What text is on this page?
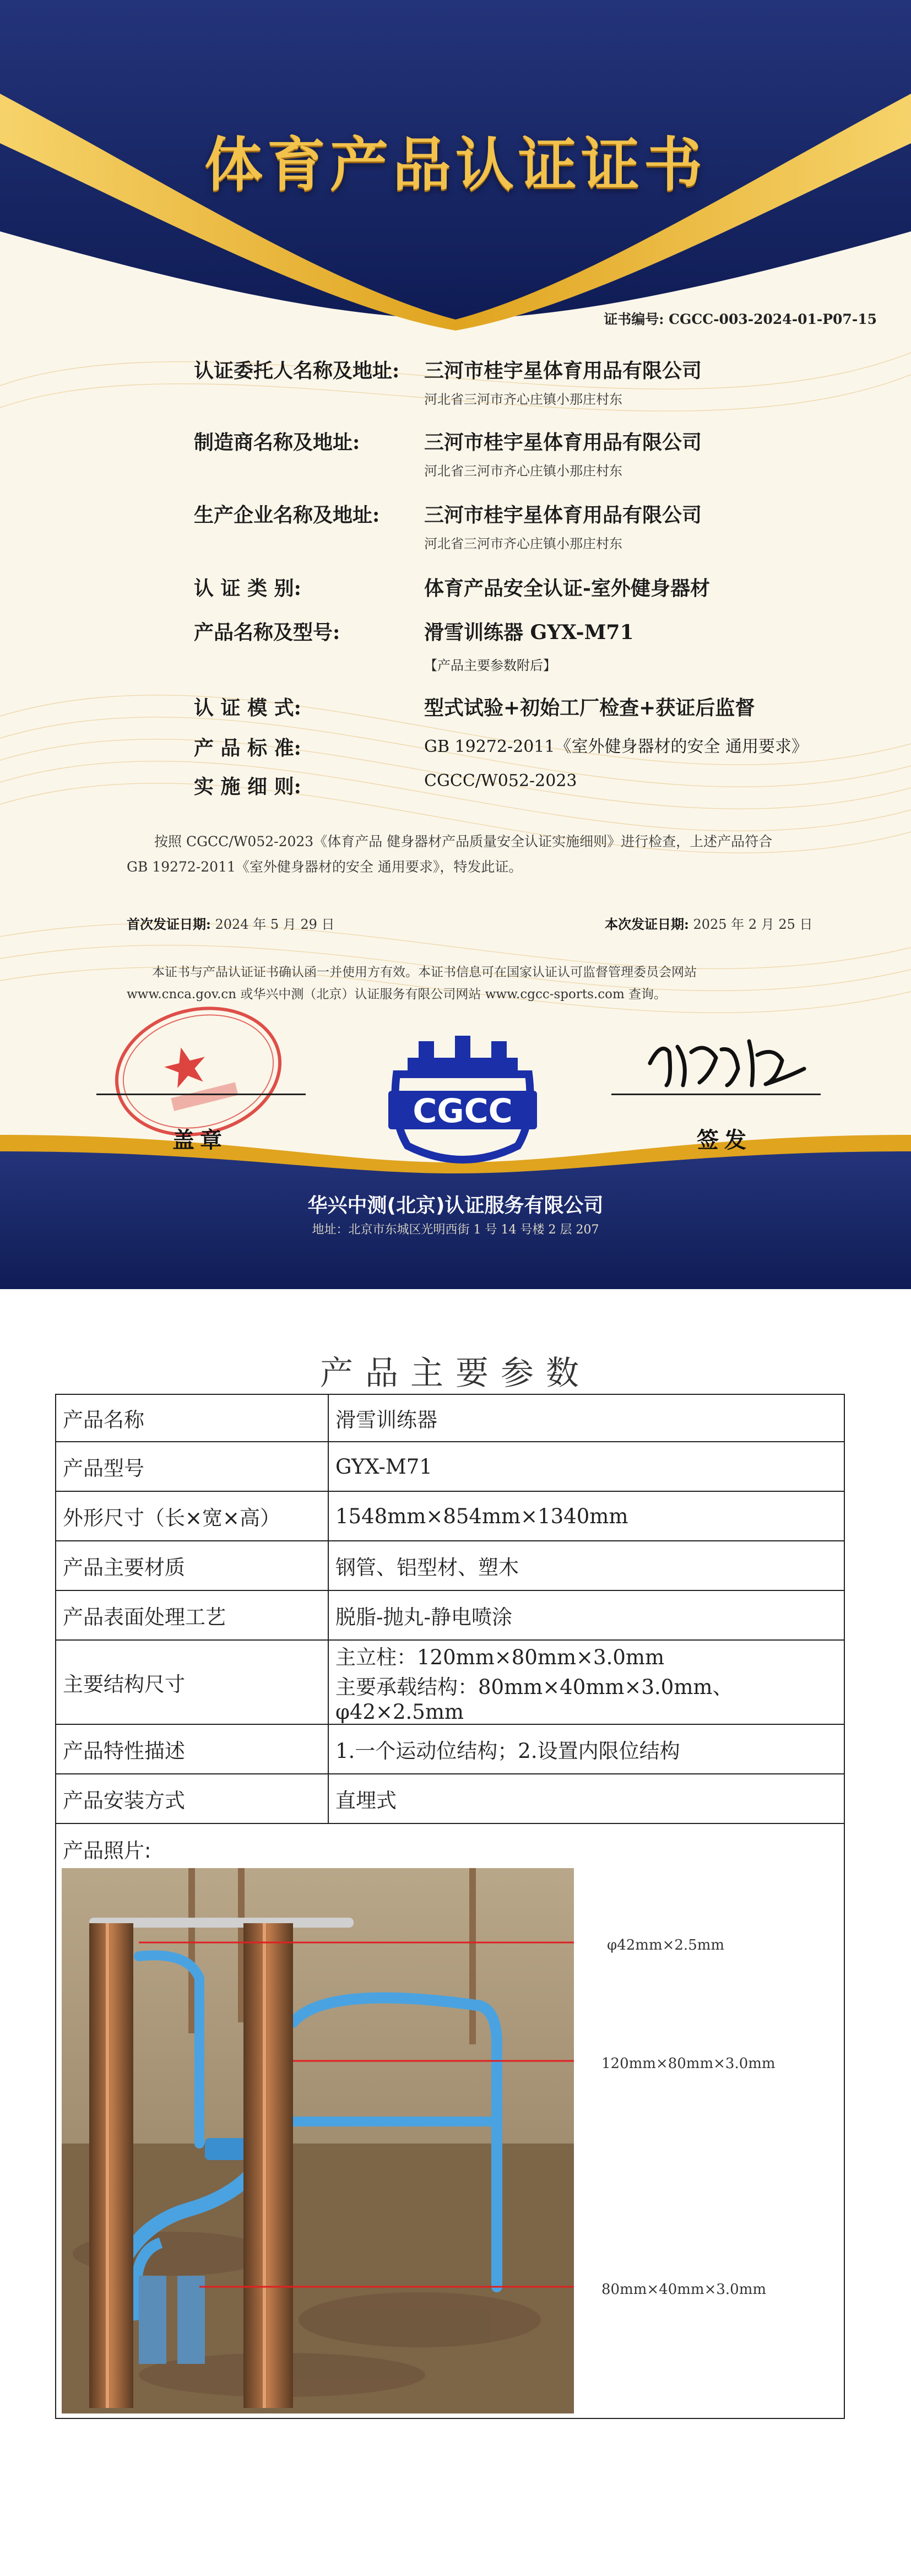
体育产品认证证书
证书编号: CGCC-003-2024-01-P07-15
认证委托人名称及地址:	三河市桂宇星体育用品有限公司
河北省三河市齐心庄镇小那庄村东
制造商名称及地址:	三河市桂宇星体育用品有限公司
河北省三河市齐心庄镇小那庄村东
生产企业名称及地址:	三河市桂宇星体育用品有限公司
河北省三河市齐心庄镇小那庄村东
认 证 类 别:	体育产品安全认证-室外健身器材
产品名称及型号:	滑雪训练器 GYX-M71
【产品主要参数附后】
认 证 模 式:	型式试验+初始工厂检查+获证后监督
产 品 标 准:	GB 19272-2011《室外健身器材的安全 通用要求》
实 施 细 则:	CGCC/W052-2023
按照 CGCC/W052-2023《体育产品 健身器材产品质量安全认证实施细则》进行检查，上述产品符合 GB 19272-2011《室外健身器材的安全 通用要求》，特发此证。
首次发证日期: 2024 年 5 月 29 日	本次发证日期: 2025 年 2 月 25 日
本证书与产品认证证书确认函一并使用方有效。本证书信息可在国家认证认可监督管理委员会网站 www.cnca.gov.cn 或华兴中测（北京）认证服务有限公司网站 www.cgcc-sports.com 查询。
盖章
CGCC
签发
华兴中测(北京)认证服务有限公司
地址：北京市东城区光明西街 1 号 14 号楼 2 层 207
产品主要参数
产品名称	滑雪训练器
产品型号	GYX-M71
外形尺寸（长×宽×高）	1548mm×854mm×1340mm
产品主要材质	钢管、铝型材、塑木
产品表面处理工艺	脱脂-抛丸-静电喷涂
主要结构尺寸	主立柱：120mm×80mm×3.0mm
主要承载结构：80mm×40mm×3.0mm、φ42×2.5mm

产品特性描述	1.一个运动位结构；2.设置内限位结构
产品安装方式	直埋式

产品照片:
φ42mm×2.5mm
120mm×80mm×3.0mm
80mm×40mm×3.0mm	
